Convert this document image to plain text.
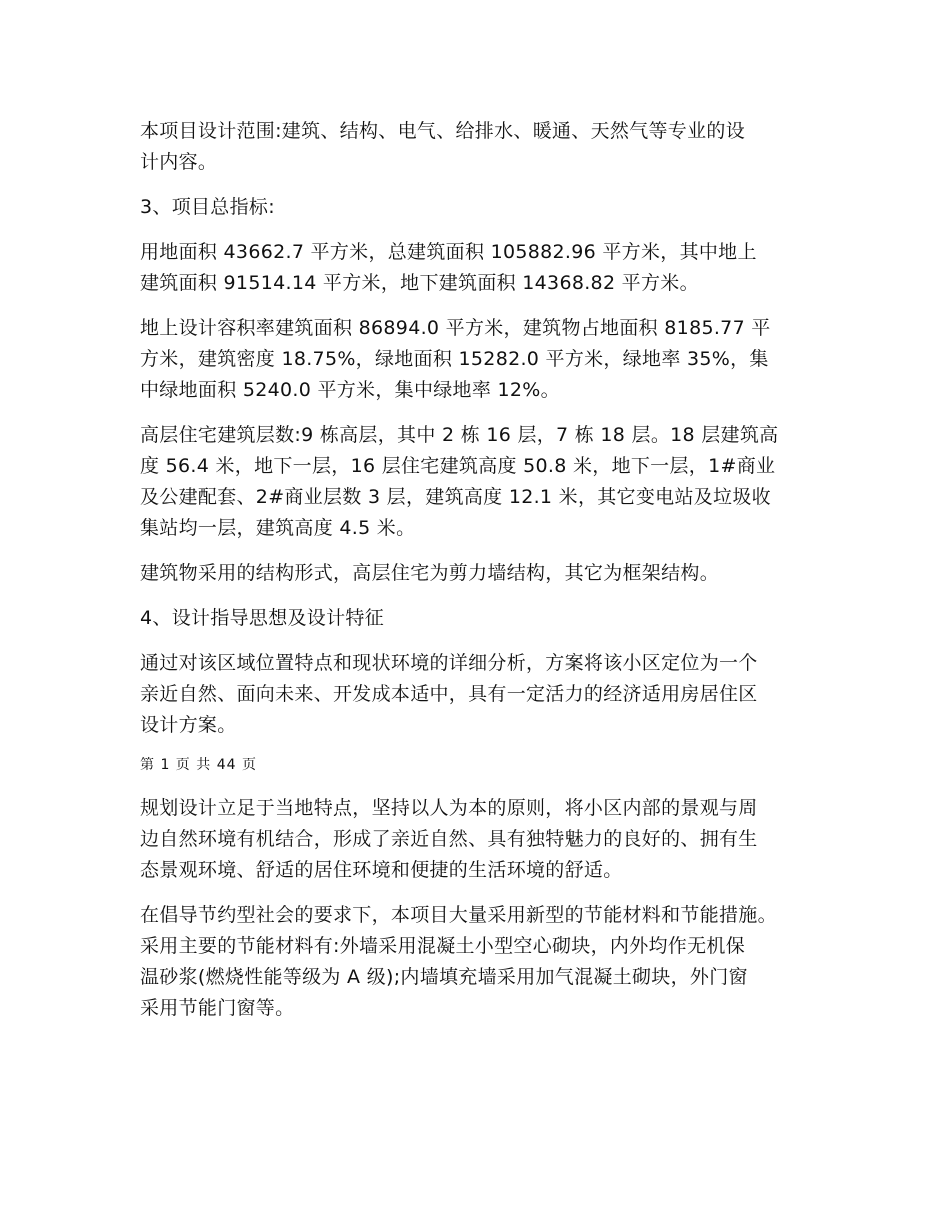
本项目设计范围:建筑、结构、电气、给排水、暖通、天然气等专业的设
计内容。
3、项目总指标:
用地面积 43662.7 平方米，总建筑面积 105882.96 平方米，其中地上
建筑面积 91514.14 平方米，地下建筑面积 14368.82 平方米。
地上设计容积率建筑面积 86894.0 平方米，建筑物占地面积 8185.77 平
方米，建筑密度 18.75%，绿地面积 15282.0 平方米，绿地率 35%，集
中绿地面积 5240.0 平方米，集中绿地率 12%。
高层住宅建筑层数:9 栋高层，其中 2 栋 16 层，7 栋 18 层。18 层建筑高
度 56.4 米，地下一层，16 层住宅建筑高度 50.8 米，地下一层，1#商业
及公建配套、2#商业层数 3 层，建筑高度 12.1 米，其它变电站及垃圾收
集站均一层，建筑高度 4.5 米。
建筑物采用的结构形式，高层住宅为剪力墙结构，其它为框架结构。
4、设计指导思想及设计特征
通过对该区域位置特点和现状环境的详细分析，方案将该小区定位为一个
亲近自然、面向未来、开发成本适中，具有一定活力的经济适用房居住区
设计方案。
第 1 页 共 44 页
规划设计立足于当地特点，坚持以人为本的原则，将小区内部的景观与周
边自然环境有机结合，形成了亲近自然、具有独特魅力的良好的、拥有生
态景观环境、舒适的居住环境和便捷的生活环境的舒适。
在倡导节约型社会的要求下，本项目大量采用新型的节能材料和节能措施。
采用主要的节能材料有:外墙采用混凝土小型空心砌块，内外均作无机保
温砂浆(燃烧性能等级为 A 级);内墙填充墙采用加气混凝土砌块，外门窗
采用节能门窗等。
